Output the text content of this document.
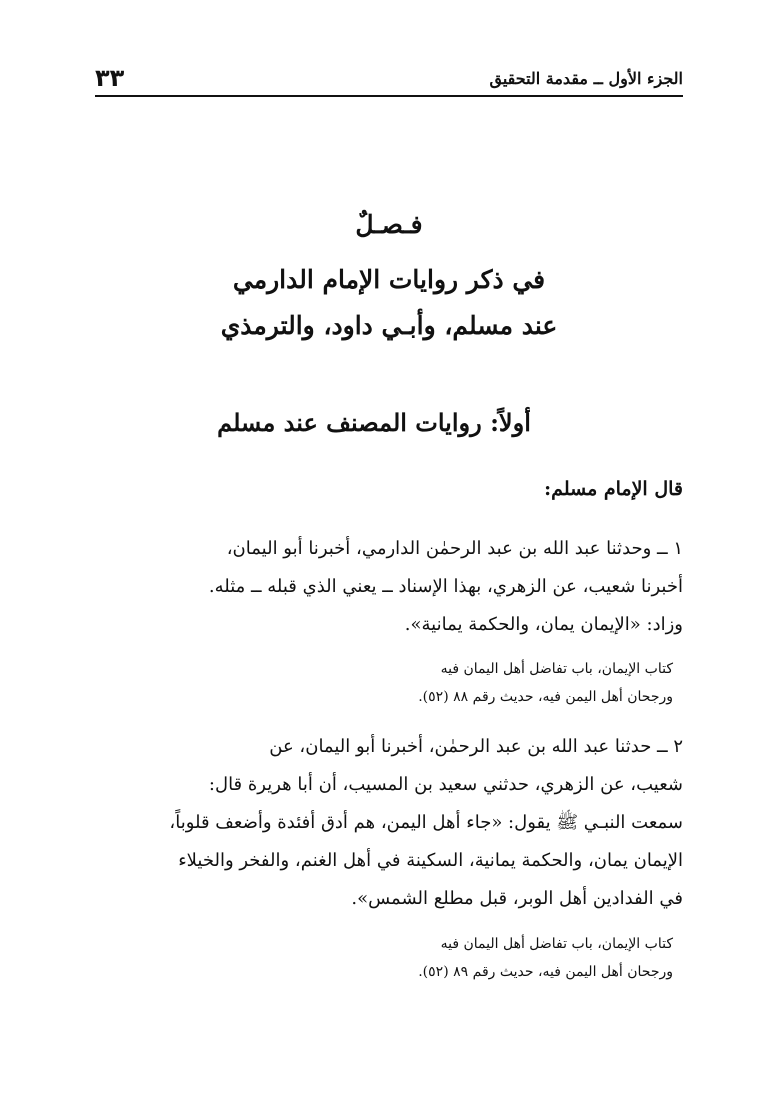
الجزء الأول ــ مقدمة التحقيق
٣٣

فـصـلٌ

في ذكر روايات الإمام الدارمي

عند مسلم، وأبـي داود، والترمذي

أولاً: روايات المصنف عند مسلم

قال الإمام مسلم:

١ ــ وحدثنا عبد الله بن عبد الرحمٰن الدارمي، أخبرنا أبو اليمان،

أخبرنا شعيب، عن الزهري، بهذا الإسناد ــ يعني الذي قبله ــ مثله.

وزاد: «الإيمان يمان، والحكمة يمانية».

كتاب الإيمان، باب تفاضل أهل اليمان فيه

ورجحان أهل اليمن فيه، حديث رقم ٨٨ (٥٢).

٢ ــ حدثنا عبد الله بن عبد الرحمٰن، أخبرنا أبو اليمان، عن

شعيب، عن الزهري، حدثني سعيد بن المسيب، أن أبا هريرة قال:

سمعت النبـي ﷺ يقول: «جاء أهل اليمن، هم أدق أفئدة وأضعف قلوباً،

الإيمان يمان، والحكمة يمانية، السكينة في أهل الغنم، والفخر والخيلاء

في الفدادين أهل الوبر، قبل مطلع الشمس».

كتاب الإيمان، باب تفاضل أهل اليمان فيه

ورجحان أهل اليمن فيه، حديث رقم ٨٩ (٥٢).
